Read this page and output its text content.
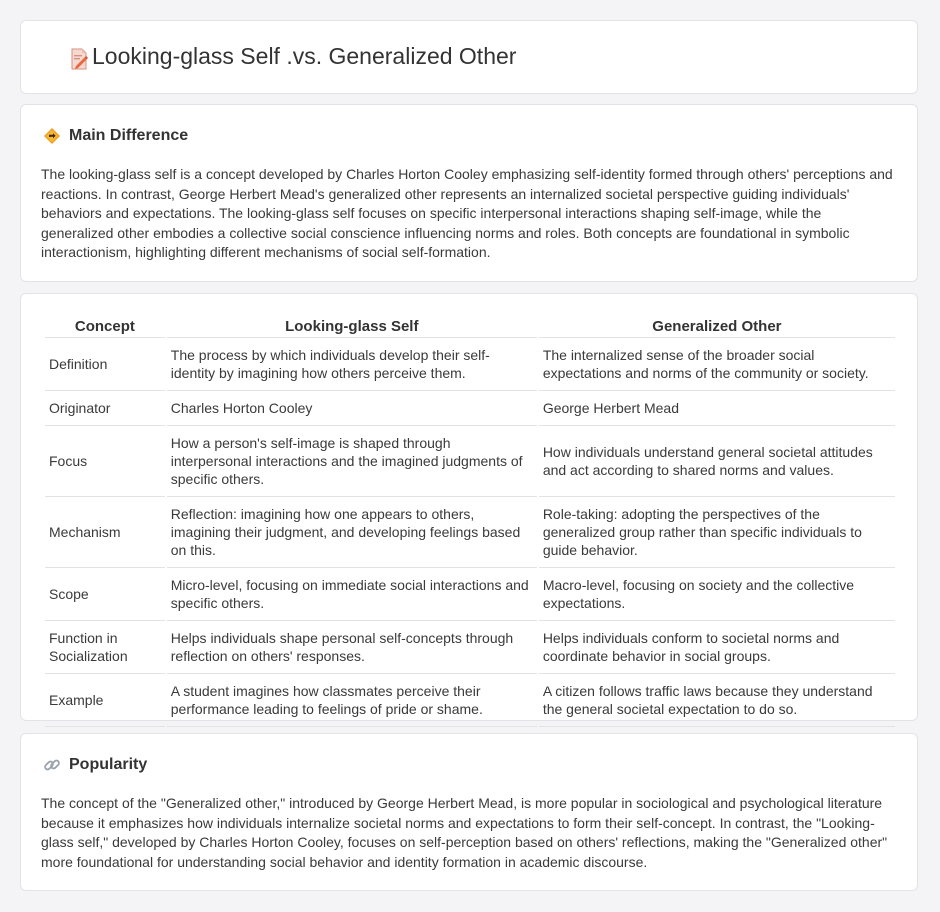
Looking-glass Self .vs. Generalized Other
Main Difference

The looking-glass self is a concept developed by Charles Horton Cooley emphasizing self-identity formed through others' perceptions and reactions. In contrast, George Herbert Mead's generalized other represents an internalized societal perspective guiding individuals' behaviors and expectations. The looking-glass self focuses on specific interpersonal interactions shaping self-image, while the generalized other embodies a collective social conscience influencing norms and roles. Both concepts are foundational in symbolic interactionism, highlighting different mechanisms of social self-formation.

Concept	Looking-glass Self	Generalized Other
Definition	The process by which individuals develop their self-identity by imagining how others perceive them.	The internalized sense of the broader social expectations and norms of the community or society.
Originator	Charles Horton Cooley	George Herbert Mead
Focus	How a person's self-image is shaped through interpersonal interactions and the imagined judgments of specific others.	How individuals understand general societal attitudes and act according to shared norms and values.
Mechanism	Reflection: imagining how one appears to others, imagining their judgment, and developing feelings based on this.	Role-taking: adopting the perspectives of the generalized group rather than specific individuals to guide behavior.
Scope	Micro-level, focusing on immediate social interactions and specific others.	Macro-level, focusing on society and the collective expectations.
Function in Socialization	Helps individuals shape personal self-concepts through reflection on others' responses.	Helps individuals conform to societal norms and coordinate behavior in social groups.
Example	A student imagines how classmates perceive their performance leading to feelings of pride or shame.	A citizen follows traffic laws because they understand the general societal expectation to do so.
Popularity

The concept of the "Generalized other," introduced by George Herbert Mead, is more popular in sociological and psychological literature because it emphasizes how individuals internalize societal norms and expectations to form their self-concept. In contrast, the "Looking-glass self," developed by Charles Horton Cooley, focuses on self-perception based on others' reflections, making the "Generalized other" more foundational for understanding social behavior and identity formation in academic discourse.
